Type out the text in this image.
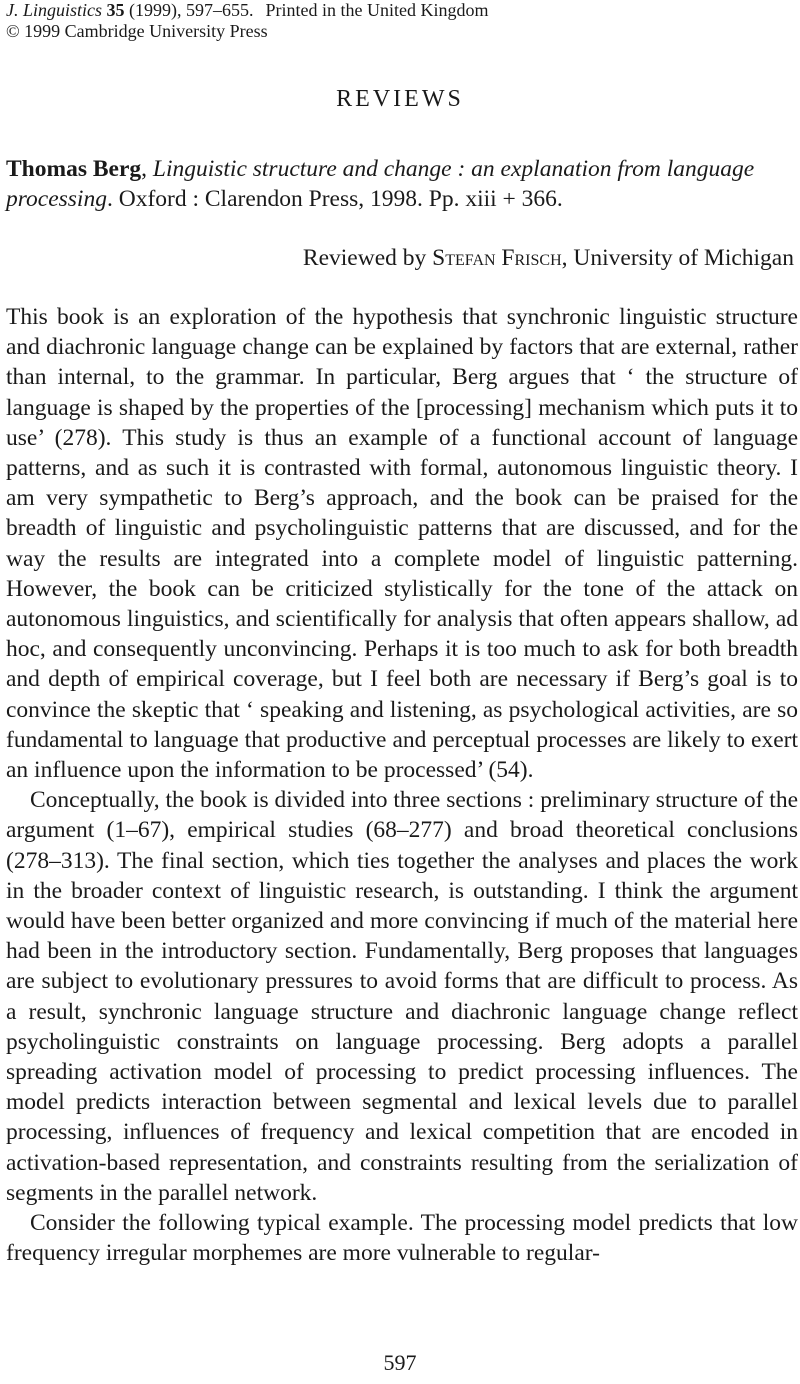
J. Linguistics 35 (1999), 597–655. Printed in the United Kingdom
© 1999 Cambridge University Press
REVIEWS
Thomas Berg, Linguistic structure and change : an explanation from language processing. Oxford : Clarendon Press, 1998. Pp. xiii + 366.
Reviewed by Stefan Frisch, University of Michigan

This book is an exploration of the hypothesis that synchronic linguistic structure and diachronic language change can be explained by factors that are external, rather than internal, to the grammar. In particular, Berg argues that ‘ the structure of language is shaped by the properties of the [processing] mechanism which puts it to use’ (278). This study is thus an example of a functional account of language patterns, and as such it is contrasted with formal, autonomous linguistic theory. I am very sympathetic to Berg’s approach, and the book can be praised for the breadth of linguistic and psycholinguistic patterns that are discussed, and for the way the results are integrated into a complete model of linguistic patterning. However, the book can be criticized stylistically for the tone of the attack on autonomous linguistics, and scientifically for analysis that often appears shallow, ad hoc, and consequently unconvincing. Perhaps it is too much to ask for both breadth and depth of empirical coverage, but I feel both are necessary if Berg’s goal is to convince the skeptic that ‘ speaking and listening, as psychological activities, are so fundamental to language that productive and perceptual processes are likely to exert an influence upon the information to be processed’ (54).

Conceptually, the book is divided into three sections : preliminary structure of the argument (1–67), empirical studies (68–277) and broad theoretical conclusions (278–313). The final section, which ties together the analyses and places the work in the broader context of linguistic research, is outstanding. I think the argument would have been better organized and more convincing if much of the material here had been in the introductory section. Fundamentally, Berg proposes that languages are subject to evolutionary pressures to avoid forms that are difficult to process. As a result, synchronic language structure and diachronic language change reflect psycholinguistic constraints on language processing. Berg adopts a parallel spreading activation model of processing to predict processing influences. The model predicts interaction between segmental and lexical levels due to parallel processing, influences of frequency and lexical competition that are encoded in activation-based representation, and constraints resulting from the serialization of segments in the parallel network.

Consider the following typical example. The processing model predicts that low frequency irregular morphemes are more vulnerable to regular-

597
